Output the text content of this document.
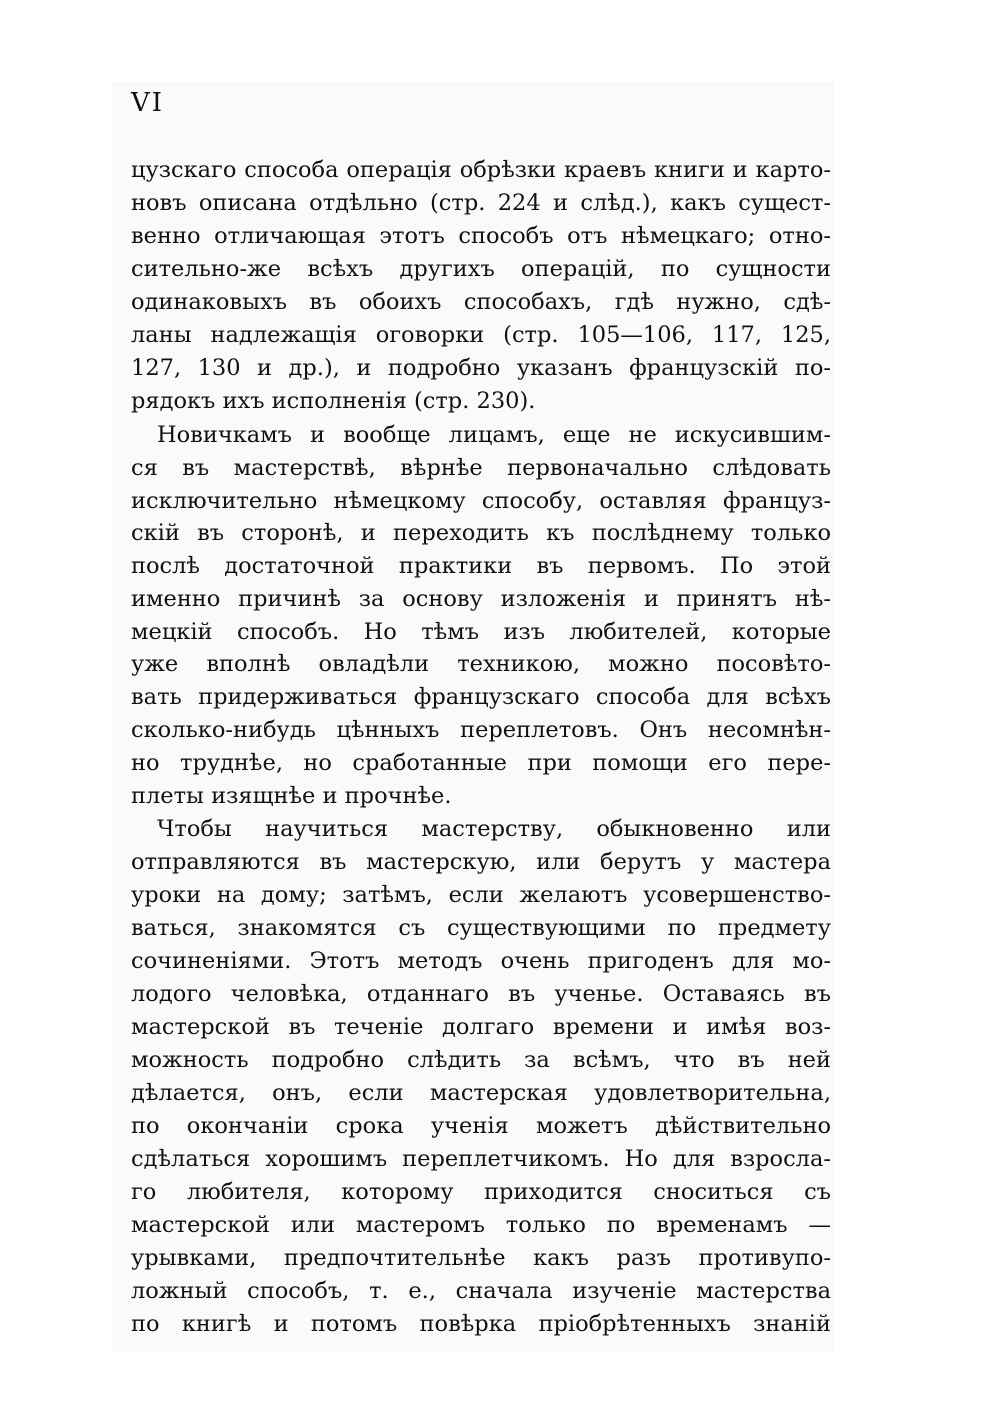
VI
цузскаго способа операція обрѣзки краевъ книги и карто-
новъ описана отдѣльно (стр. 224 и слѣд.), какъ сущест-
венно отличающая этотъ способъ отъ нѣмецкаго; отно-
сительно-же всѣхъ другихъ операцій, по сущности
одинаковыхъ въ обоихъ способахъ, гдѣ нужно, сдѣ-
ланы надлежащія оговорки (стр. 105—106, 117, 125,
127, 130 и др.), и подробно указанъ французскій по-
рядокъ ихъ исполненія (стр. 230).
Новичкамъ и вообще лицамъ, еще не искусившим-
ся въ мастерствѣ, вѣрнѣе первоначально слѣдовать
исключительно нѣмецкому способу, оставляя француз-
скій въ сторонѣ, и переходить къ послѣднему только
послѣ достаточной практики въ первомъ. По этой
именно причинѣ за основу изложенія и принятъ нѣ-
мецкій способъ. Но тѣмъ изъ любителей, которые
уже вполнѣ овладѣли техникою, можно посовѣто-
вать придерживаться французскаго способа для всѣхъ
сколько-нибудь цѣнныхъ переплетовъ. Онъ несомнѣн-
но труднѣе, но сработанные при помощи его пере-
плеты изящнѣе и прочнѣе.
Чтобы научиться мастерству, обыкновенно или
отправляются въ мастерскую, или берутъ у мастера
уроки на дому; затѣмъ, если желаютъ усовершенство-
ваться, знакомятся съ существующими по предмету
сочиненіями. Этотъ методъ очень пригоденъ для мо-
лодого человѣка, отданнаго въ ученье. Оставаясь въ
мастерской въ теченіе долгаго времени и имѣя воз-
можность подробно слѣдить за всѣмъ, что въ ней
дѣлается, онъ, если мастерская удовлетворительна,
по окончаніи срока ученія можетъ дѣйствительно
сдѣлаться хорошимъ переплетчикомъ. Но для взросла-
го любителя, которому приходится сноситься съ
мастерской или мастеромъ только по временамъ —
урывками, предпочтительнѣе какъ разъ противупо-
ложный способъ, т. е., сначала изученіе мастерства
по книгѣ и потомъ повѣрка пріобрѣтенныхъ знаній
